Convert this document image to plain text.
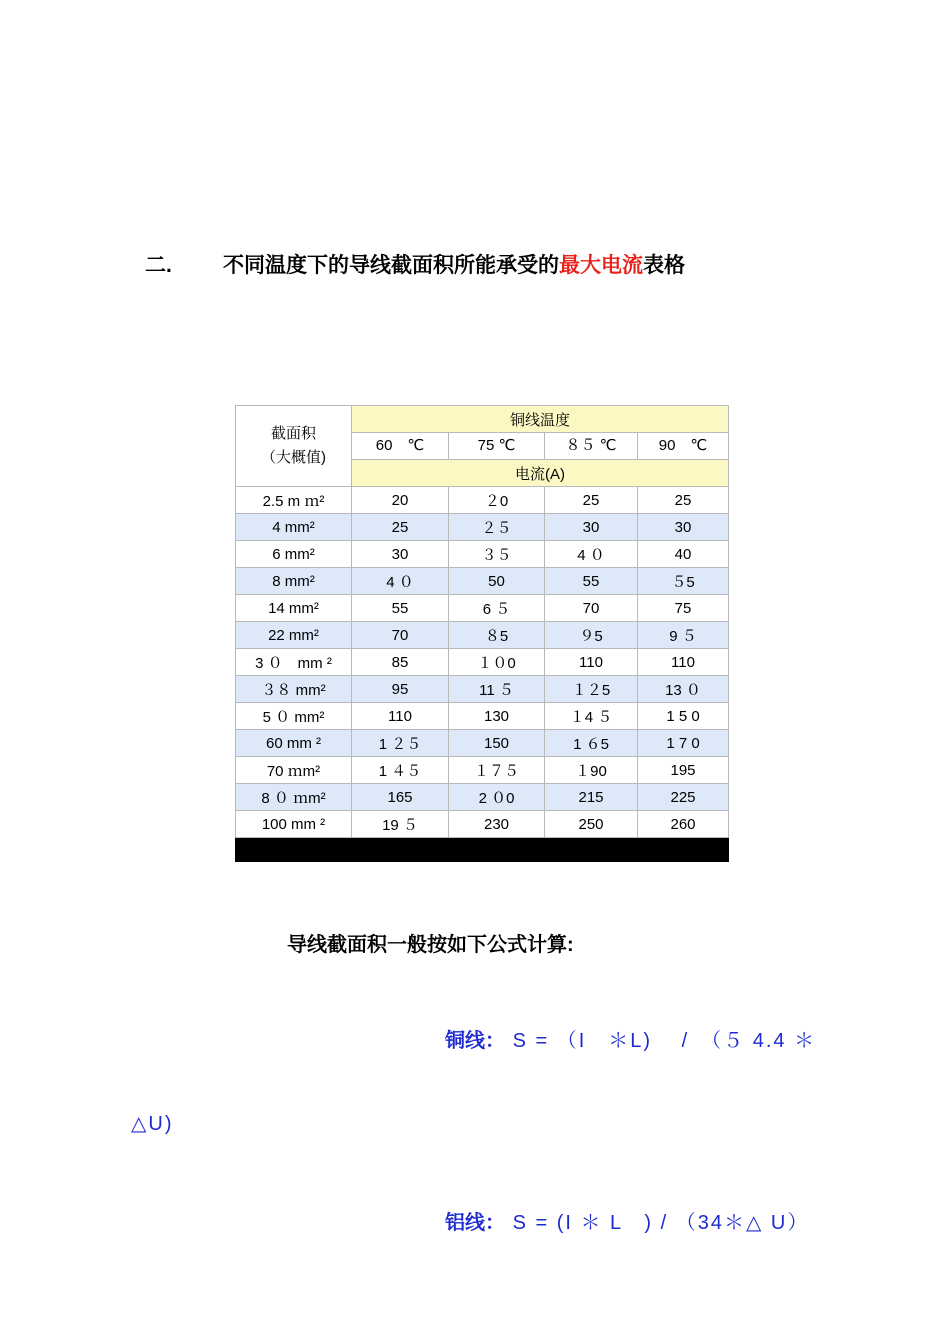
二. 不同温度下的导线截面积所能承受的最大电流表格
截面积
（大概值)	铜线温度			
	60　℃	75 ℃	８５ ℃	90　℃
	电流(A)			
2.5 m ｍ²	20	２0	25	25
4 mm²	25	２５	30	30
6 mm²	30	３５	4 ０	40
8 mm²	4 ０	50	55	５5
14 mm²	55	6 ５	70	75
22 mm²	70	８5	９5	9 ５
3 ０　mm ²	85	１０0	110	110
３８ mm²	95	11 ５	１２5	13 ０
5 ０ mm²	110	130	１4 ５	1 5 0
60 mm ²	1 ２５	150	1 ６5	1 7 0
70 ｍm²	1 ４５	１７５	１90	195
8 ０ ｍm²	165	2 ０0	215	225
100 mm ²	19 ５	230	250	260

导线截面积一般按如下公式计算:
铜线： S = （I　＊L) 　/　（５ 4.4 ＊
△U)
铝线： S = (I ＊ L　) / （34＊△ U）
